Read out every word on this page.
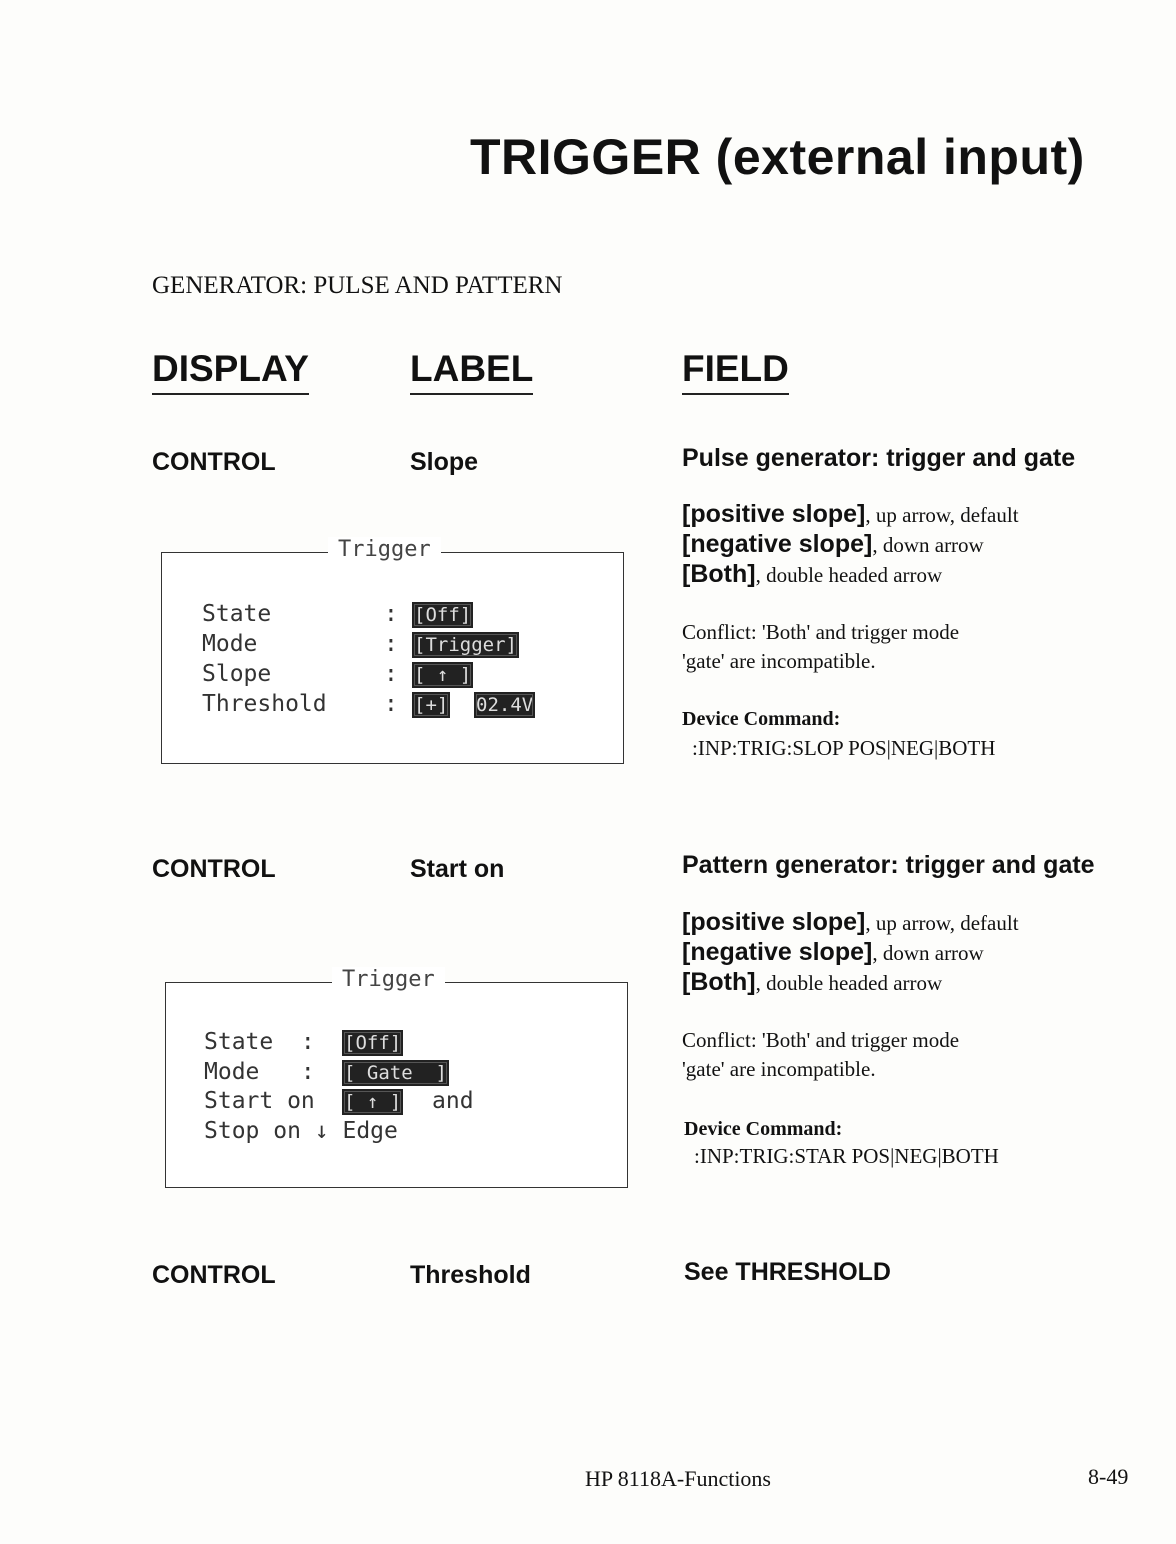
TRIGGER (external input)
GENERATOR: PULSE AND PATTERN
DISPLAY	LABEL	FIELD
CONTROL	Slope	Pulse generator: trigger and gate
[positive slope], up arrow, default
[negative slope], down arrow
[Both], double headed arrow
Conflict: 'Both' and trigger mode
'gate' are incompatible.
Device Command:
:INP:TRIG:SLOP POS|NEG|BOTH
Trigger
State	: [Off]
Mode	: [Trigger]
Slope	: [ ↑ ]
Threshold : [+] 02.4V
CONTROL	Start on	Pattern generator: trigger and gate
[positive slope], up arrow, default
[negative slope], down arrow
[Both], double headed arrow
Conflict: 'Both' and trigger mode
'gate' are incompatible.
Device Command:
:INP:TRIG:STAR POS|NEG|BOTH
Trigger
State  : [Off]
Mode   : [ Gate  ]
Start on [ ↑ ] and
Stop on ↓ Edge
CONTROL	Threshold	See THRESHOLD
HP 8118A-Functions	8-49
